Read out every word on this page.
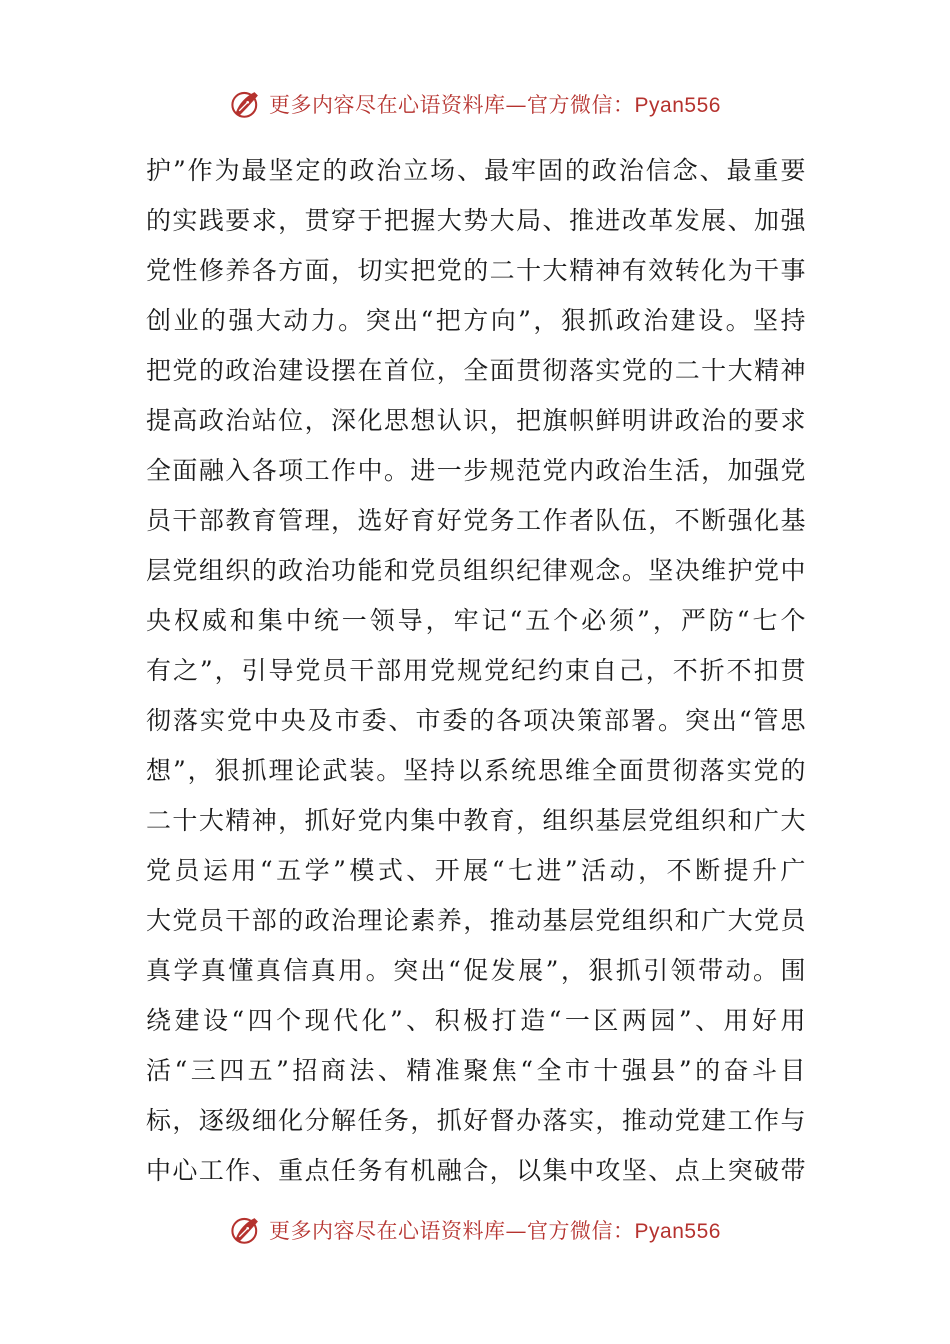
更多内容尽在心语资料库—官方微信：Pyan556
护”作为最坚定的政治立场、最牢固的政治信念、最重要
的实践要求，贯穿于把握大势大局、推进改革发展、加强
党性修养各方面，切实把党的二十大精神有效转化为干事
创业的强大动力。突出“把方向”，狠抓政治建设。坚持
把党的政治建设摆在首位，全面贯彻落实党的二十大精神
提高政治站位，深化思想认识，把旗帜鲜明讲政治的要求
全面融入各项工作中。进一步规范党内政治生活，加强党
员干部教育管理，选好育好党务工作者队伍，不断强化基
层党组织的政治功能和党员组织纪律观念。坚决维护党中
央权威和集中统一领导，牢记“五个必须”，严防“七个
有之”，引导党员干部用党规党纪约束自己，不折不扣贯
彻落实党中央及市委、市委的各项决策部署。突出“管思
想”，狠抓理论武装。坚持以系统思维全面贯彻落实党的
二十大精神，抓好党内集中教育，组织基层党组织和广大
党员运用“五学”模式、开展“七进”活动，不断提升广
大党员干部的政治理论素养，推动基层党组织和广大党员
真学真懂真信真用。突出“促发展”，狠抓引领带动。围
绕建设“四个现代化”、积极打造“一区两园”、用好用
活“三四五”招商法、精准聚焦“全市十强县”的奋斗目
标，逐级细化分解任务，抓好督办落实，推动党建工作与
中心工作、重点任务有机融合，以集中攻坚、点上突破带
更多内容尽在心语资料库—官方微信：Pyan556
